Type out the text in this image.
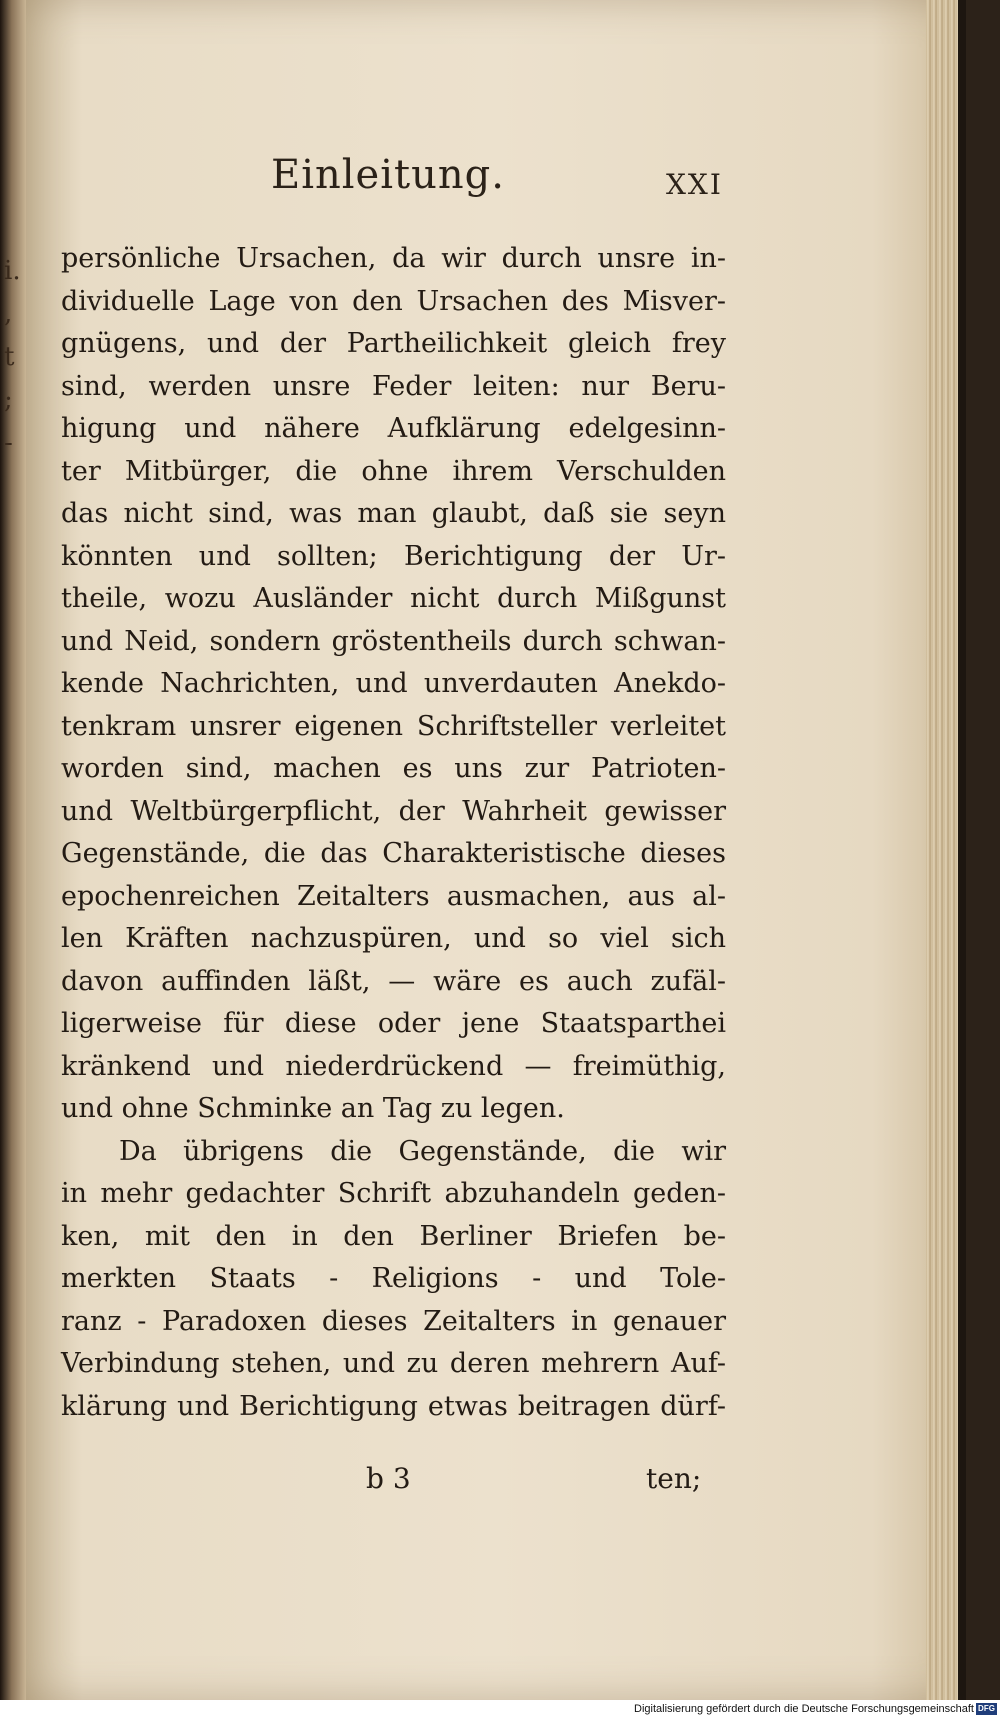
i.
,
t
;
-
Einleitung.	XXI
persönliche Ursachen, da wir durch unsre in-
dividuelle Lage von den Ursachen des Misver-
gnügens, und der Partheilichkeit gleich frey
sind, werden unsre Feder leiten: nur Beru-
higung und nähere Aufklärung edelgesinn-
ter Mitbürger, die ohne ihrem Verschulden
das nicht sind, was man glaubt, daß sie seyn
könnten und sollten; Berichtigung der Ur-
theile, wozu Ausländer nicht durch Mißgunst
und Neid, sondern gröstentheils durch schwan-
kende Nachrichten, und unverdauten Anekdo-
tenkram unsrer eigenen Schriftsteller verleitet
worden sind, machen es uns zur Patrioten-
und Weltbürgerpflicht, der Wahrheit gewisser
Gegenstände, die das Charakteristische dieses
epochenreichen Zeitalters ausmachen, aus al-
len Kräften nachzuspüren, und so viel sich
davon auffinden läßt, — wäre es auch zufäl-
ligerweise für diese oder jene Staatsparthei
kränkend und niederdrückend — freimüthig,
und ohne Schminke an Tag zu legen.
Da übrigens die Gegenstände, die wir
in mehr gedachter Schrift abzuhandeln geden-
ken, mit den in den Berliner Briefen be-
merkten Staats - Religions - und Tole-
ranz - Paradoxen dieses Zeitalters in genauer
Verbindung stehen, und zu deren mehrern Auf-
klärung und Berichtigung etwas beitragen dürf-
b 3	ten;
Digitalisierung gefördert durch die Deutsche Forschungsgemeinschaft DFG
